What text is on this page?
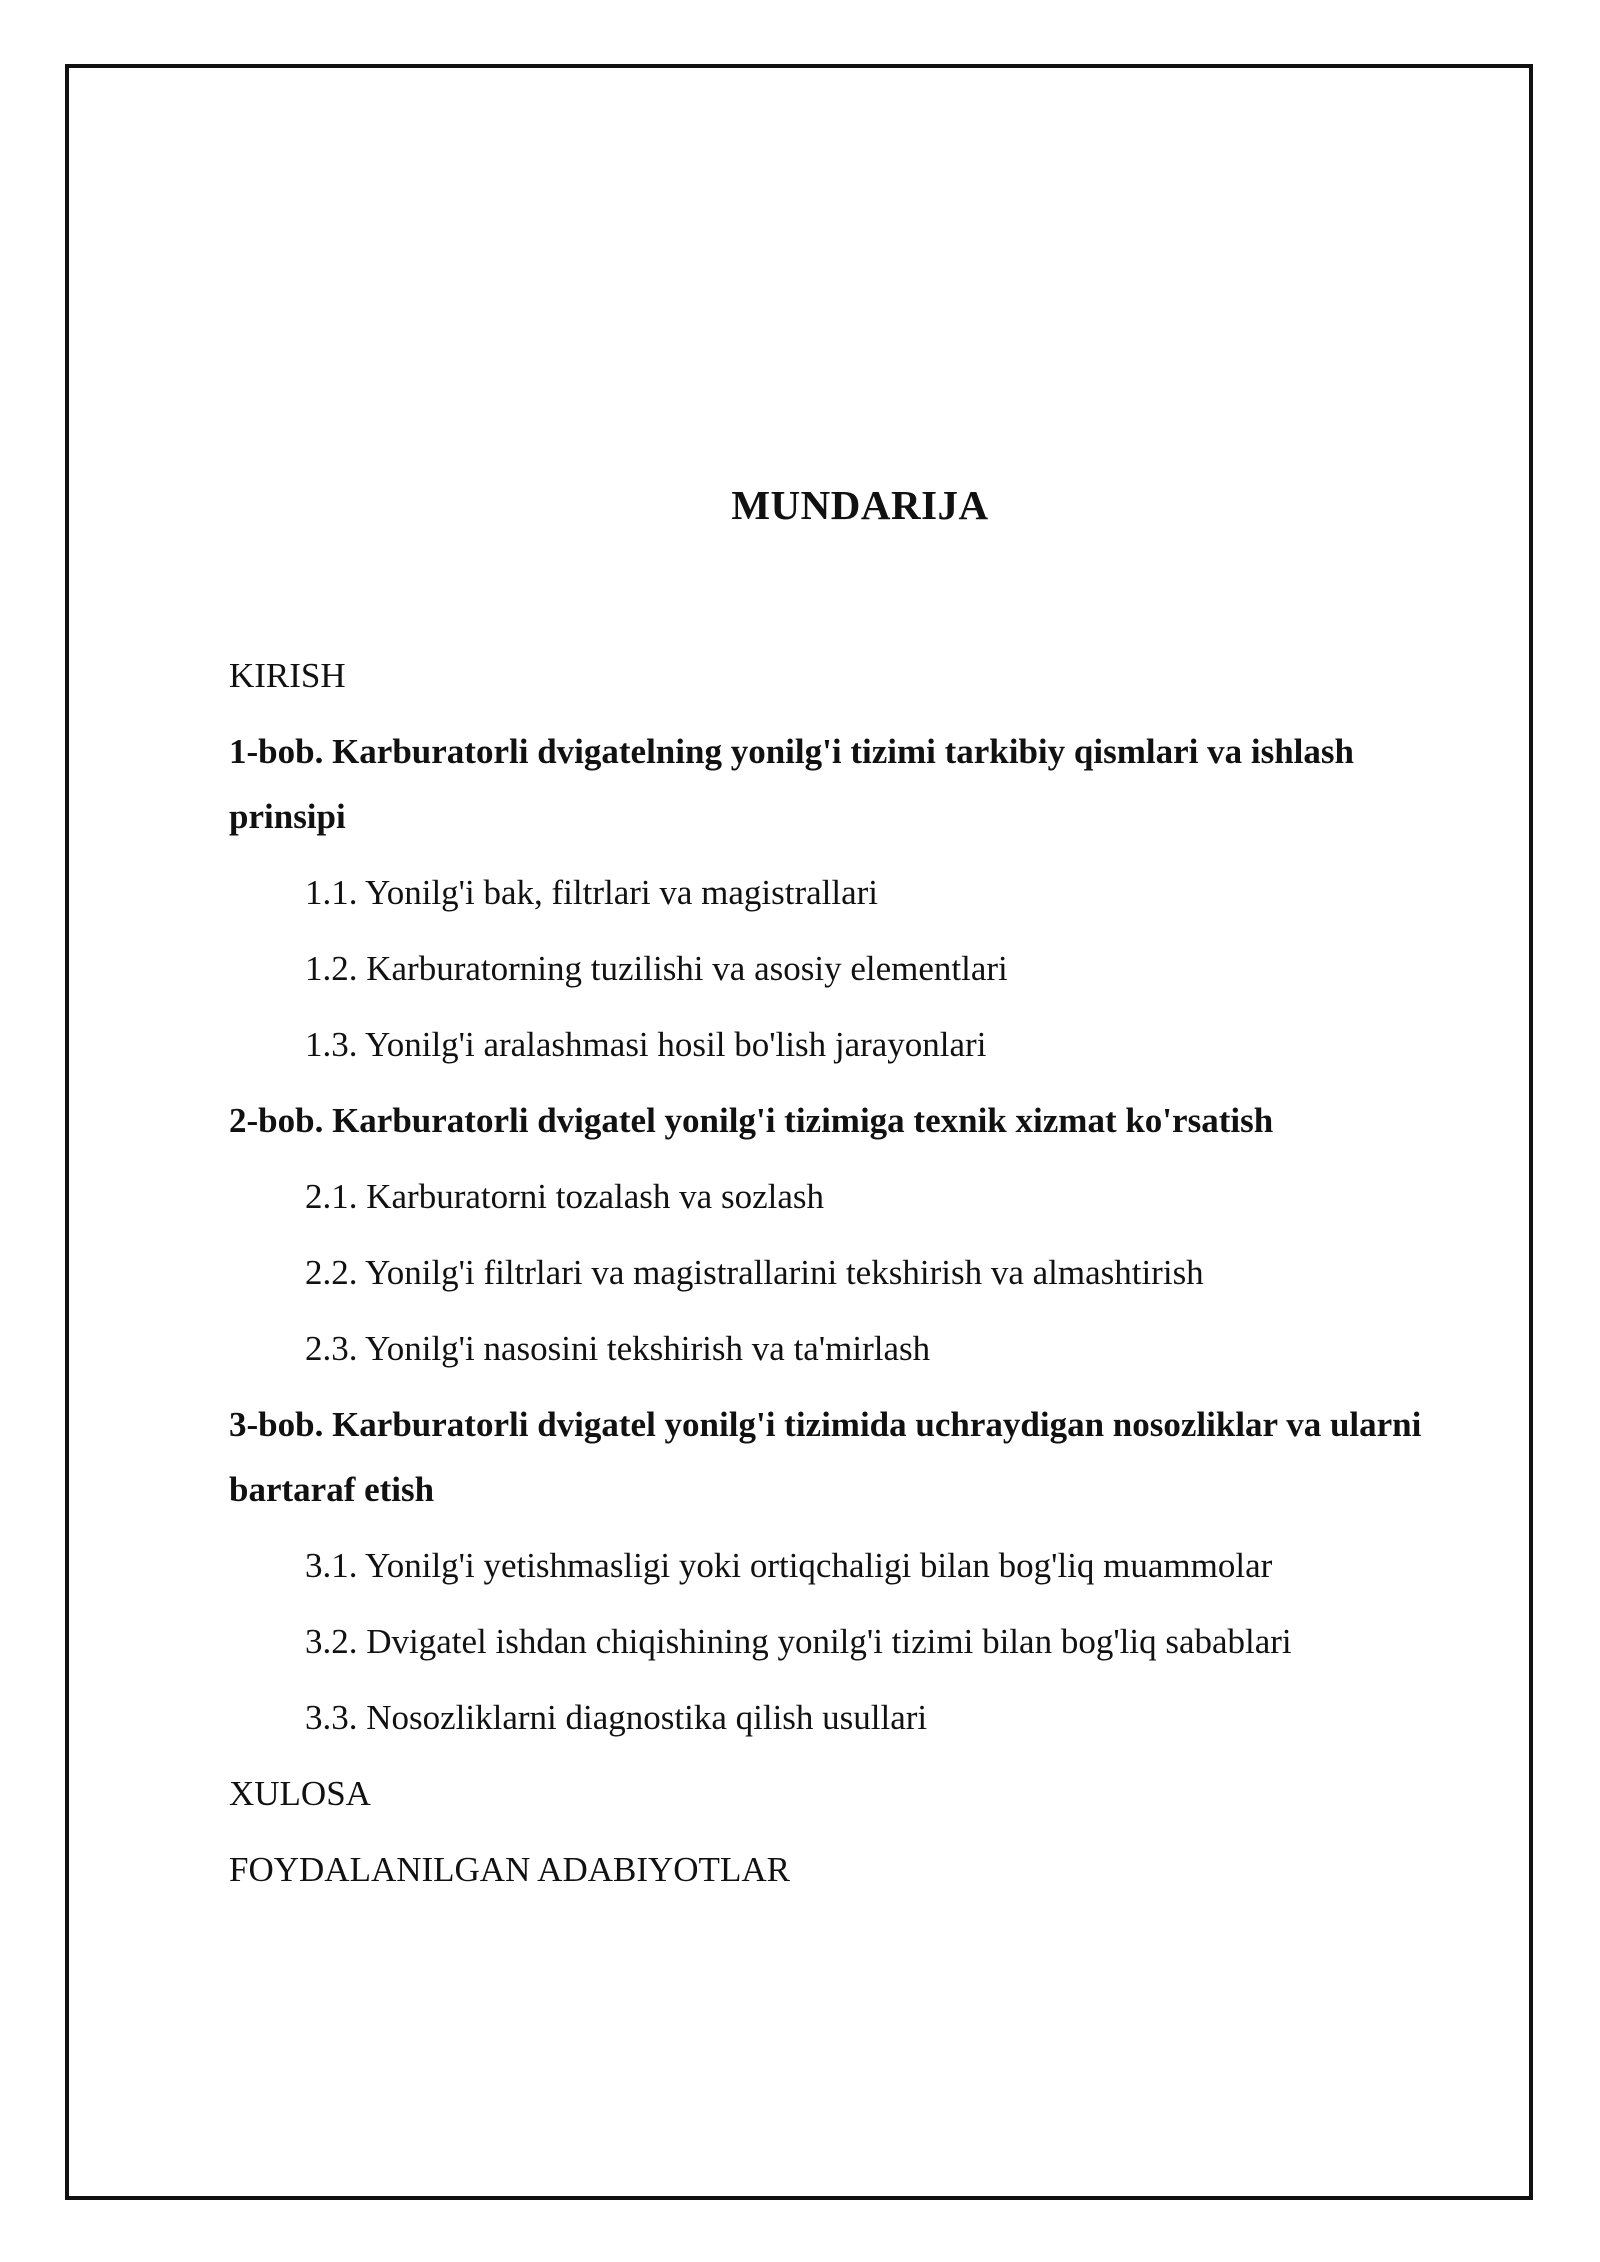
MUNDARIJA

KIRISH

1-bob. Karburatorli dvigatelning yonilg'i tizimi tarkibiy qismlari va ishlash prinsipi

1.1. Yonilg'i bak, filtrlari va magistrallari

1.2. Karburatorning tuzilishi va asosiy elementlari

1.3. Yonilg'i aralashmasi hosil bo'lish jarayonlari

2-bob. Karburatorli dvigatel yonilg'i tizimiga texnik xizmat ko'rsatish

2.1. Karburatorni tozalash va sozlash

2.2. Yonilg'i filtrlari va magistrallarini tekshirish va almashtirish

2.3. Yonilg'i nasosini tekshirish va ta'mirlash

3-bob. Karburatorli dvigatel yonilg'i tizimida uchraydigan nosozliklar va ularni bartaraf etish

3.1. Yonilg'i yetishmasligi yoki ortiqchaligi bilan bog'liq muammolar

3.2. Dvigatel ishdan chiqishining yonilg'i tizimi bilan bog'liq sabablari

3.3. Nosozliklarni diagnostika qilish usullari

XULOSA

FOYDALANILGAN ADABIYOTLAR
